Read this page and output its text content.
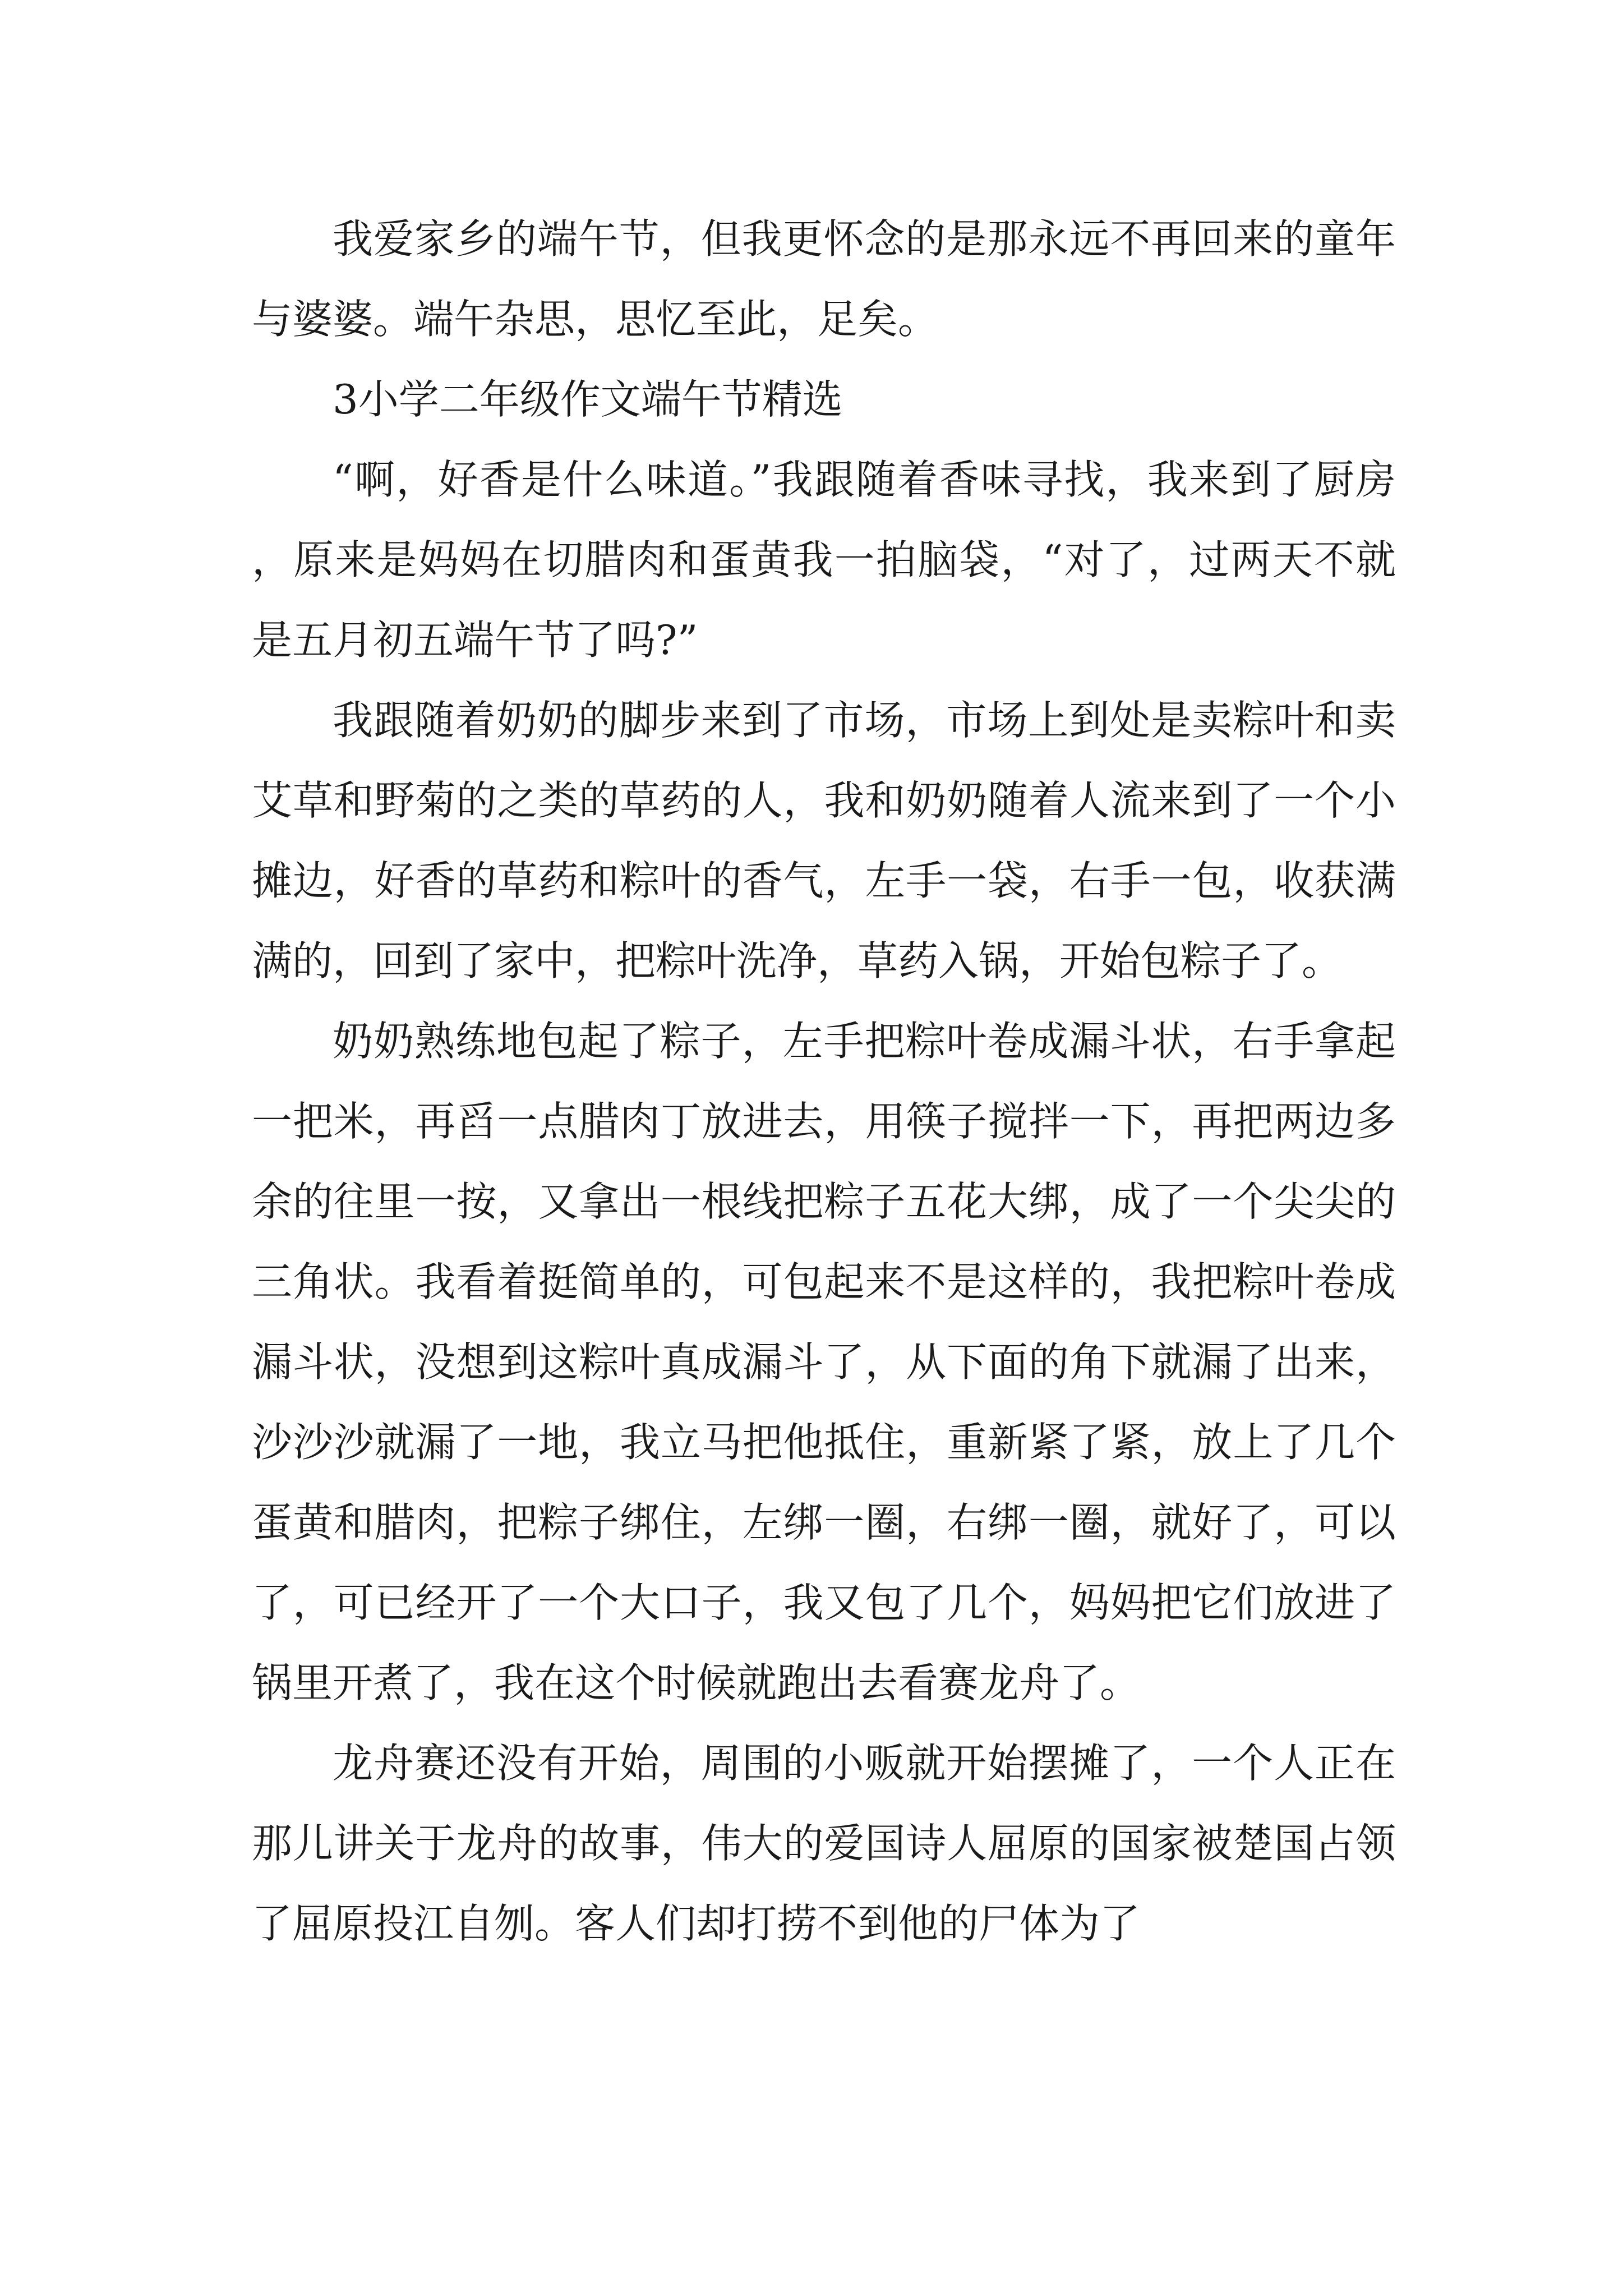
我爱家乡的端午节，但我更怀念的是那永远不再回来的童年与婆婆。端午杂思，思忆至此，足矣。

3小学二年级作文端午节精选

“啊，好香是什么味道。”我跟随着香味寻找，我来到了厨房，原来是妈妈在切腊肉和蛋黄我一拍脑袋，“对了，过两天不就是五月初五端午节了吗?”

我跟随着奶奶的脚步来到了市场，市场上到处是卖粽叶和卖艾草和野菊的之类的草药的人，我和奶奶随着人流来到了一个小摊边，好香的草药和粽叶的香气，左手一袋，右手一包，收获满满的，回到了家中，把粽叶洗净，草药入锅，开始包粽子了。

奶奶熟练地包起了粽子，左手把粽叶卷成漏斗状，右手拿起一把米，再舀一点腊肉丁放进去，用筷子搅拌一下，再把两边多余的往里一按，又拿出一根线把粽子五花大绑，成了一个尖尖的三角状。我看着挺简单的，可包起来不是这样的，我把粽叶卷成漏斗状，没想到这粽叶真成漏斗了，从下面的角下就漏了出来，沙沙沙就漏了一地，我立马把他抵住，重新紧了紧，放上了几个蛋黄和腊肉，把粽子绑住，左绑一圈，右绑一圈，就好了，可以了，可已经开了一个大口子，我又包了几个，妈妈把它们放进了锅里开煮了，我在这个时候就跑出去看赛龙舟了。

龙舟赛还没有开始，周围的小贩就开始摆摊了，一个人正在那儿讲关于龙舟的故事，伟大的爱国诗人屈原的国家被楚国占领了屈原投江自刎。客人们却打捞不到他的尸体为了
